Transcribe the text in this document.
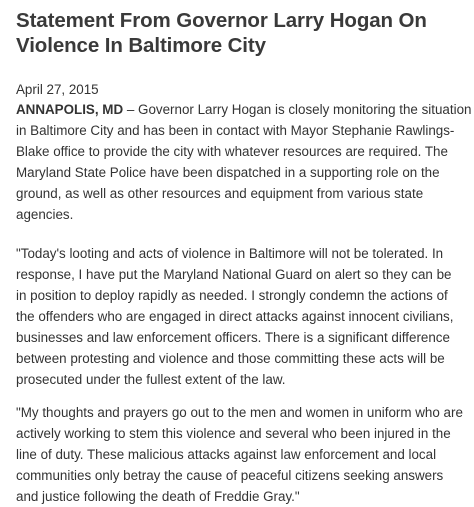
Statement From Governor Larry Hogan On
Violence In Baltimore City
April 27, 2015
ANNAPOLIS, MD – Governor Larry Hogan is closely monitoring the situation
in Baltimore City and has been in contact with Mayor Stephanie Rawlings-
Blake office to provide the city with whatever resources are required. The
Maryland State Police have been dispatched in a supporting role on the
ground, as well as other resources and equipment from various state
agencies.
"Today's looting and acts of violence in Baltimore will not be tolerated. In
response, I have put the Maryland National Guard on alert so they can be
in position to deploy rapidly as needed. I strongly condemn the actions of
the offenders who are engaged in direct attacks against innocent civilians,
businesses and law enforcement officers. There is a significant difference
between protesting and violence and those committing these acts will be
prosecuted under the fullest extent of the law.
"My thoughts and prayers go out to the men and women in uniform who are
actively working to stem this violence and several who been injured in the
line of duty. These malicious attacks against law enforcement and local
communities only betray the cause of peaceful citizens seeking answers
and justice following the death of Freddie Gray."
